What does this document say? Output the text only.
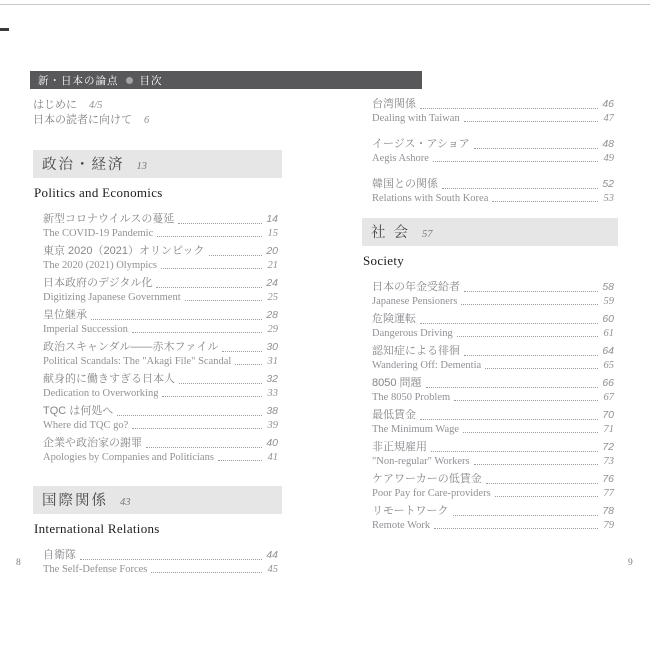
新・日本の論点 目次
はじめに 4/5
日本の読者に向けて 6
政治・経済 13
Politics and Economics
新型コロナウイルスの蔓延	14
The COVID-19 Pandemic	15
東京 2020（2021）オリンピック	20
The 2020 (2021) Olympics	21
日本政府のデジタル化	24
Digitizing Japanese Government	25
皇位継承	28
Imperial Succession	29
政治スキャンダル――赤木ファイル	30
Political Scandals: The "Akagi File" Scandal	31
献身的に働きすぎる日本人	32
Dedication to Overworking	33
TQC は何処へ	38
Where did TQC go?	39
企業や政治家の謝罪	40
Apologies by Companies and Politicians	41
国際関係 43
International Relations
自衛隊	44
The Self-Defense Forces	45
台湾関係	46
Dealing with Taiwan	47
イージス・アショア	48
Aegis Ashore	49
韓国との関係	52
Relations with South Korea	53
社 会 57
Society
日本の年金受給者	58
Japanese Pensioners	59
危険運転	60
Dangerous Driving	61
認知症による徘徊	64
Wandering Off: Dementia	65
8050 問題	66
The 8050 Problem	67
最低賃金	70
The Minimum Wage	71
非正規雇用	72
"Non-regular" Workers	73
ケアワーカーの低賃金	76
Poor Pay for Care-providers	77
リモートワーク	78
Remote Work	79
8	9
